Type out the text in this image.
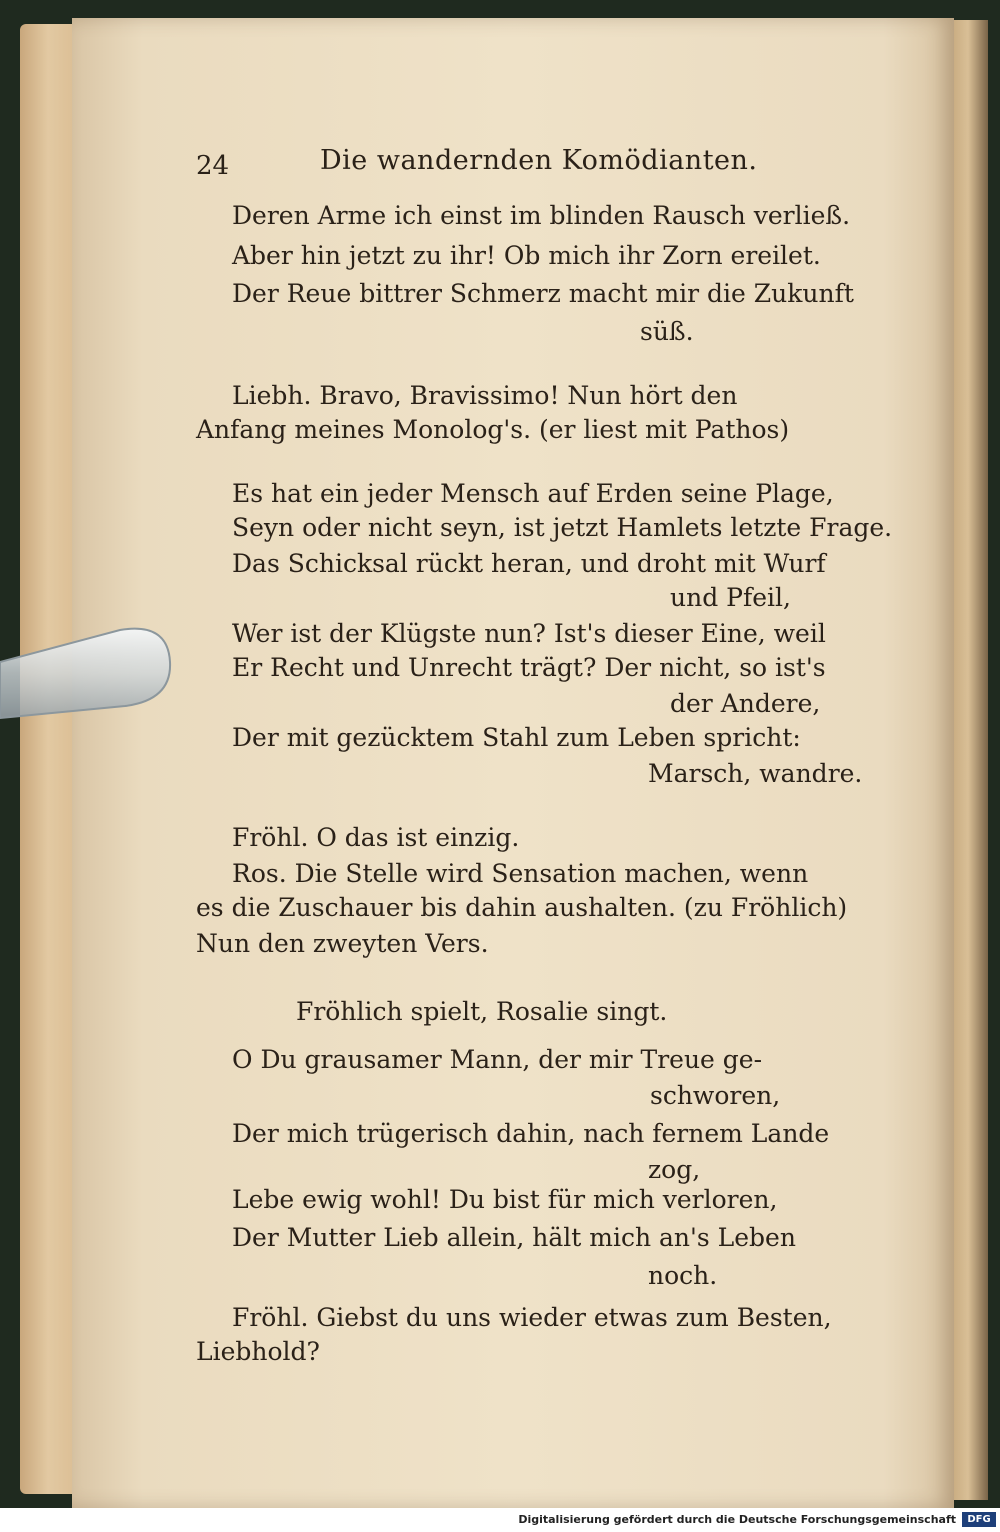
24	Die wandernden Komödianten.
Deren Arme ich einst im blinden Rausch verließ.
Aber hin jetzt zu ihr! Ob mich ihr Zorn ereilet.
Der Reue bittrer Schmerz macht mir die Zukunft
süß.
Liebh. Bravo, Bravissimo! Nun hört den
Anfang meines Monolog's. (er liest mit Pathos)
Es hat ein jeder Mensch auf Erden seine Plage,
Seyn oder nicht seyn, ist jetzt Hamlets letzte Frage.
Das Schicksal rückt heran, und droht mit Wurf
und Pfeil,
Wer ist der Klügste nun? Ist's dieser Eine, weil
Er Recht und Unrecht trägt? Der nicht, so ist's
der Andere,
Der mit gezücktem Stahl zum Leben spricht:
Marsch, wandre.
Fröhl. O das ist einzig.
Ros. Die Stelle wird Sensation machen, wenn
es die Zuschauer bis dahin aushalten. (zu Fröhlich)
Nun den zweyten Vers.
Fröhlich spielt, Rosalie singt.
O Du grausamer Mann, der mir Treue ge-
schworen,
Der mich trügerisch dahin, nach fernem Lande
zog,
Lebe ewig wohl! Du bist für mich verloren,
Der Mutter Lieb allein, hält mich an's Leben
noch.
Fröhl. Giebst du uns wieder etwas zum Besten,
Liebhold?
Digitalisierung gefördert durch die Deutsche Forschungsgemeinschaft	DFG
